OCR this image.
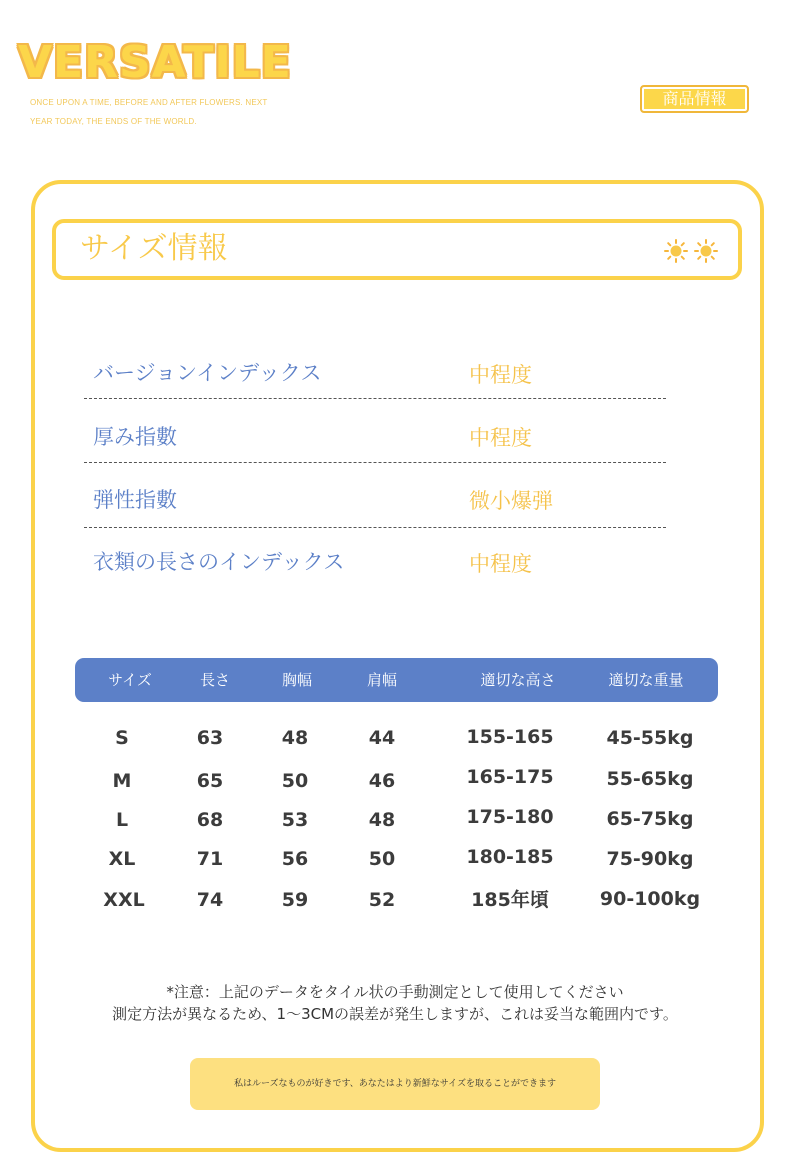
VERSATILE
ONCE UPON A TIME, BEFORE AND AFTER FLOWERS. NEXT
YEAR TODAY, THE ENDS OF THE WORLD.
商品情報
サイズ情報
バージョンインデックス	中程度
厚み指數	中程度
弾性指數	微小爆弾
衣類の長さのインデックス	中程度
サイズ	長さ	胸幅	肩幅	適切な高さ	適切な重量
S	63	48	44	155-165	45-55kg
M	65	50	46	165-175	55-65kg
L	68	53	48	175-180	65-75kg
XL	71	56	50	180-185	75-90kg
XXL	74	59	52	185年頃	90-100kg
*注意：上記のデータをタイル状の手動測定として使用してください
測定方法が異なるため、1〜3CMの誤差が発生しますが、これは妥当な範囲内です。
私はルーズなものが好きです、あなたはより新鮮なサイズを取ることができます
